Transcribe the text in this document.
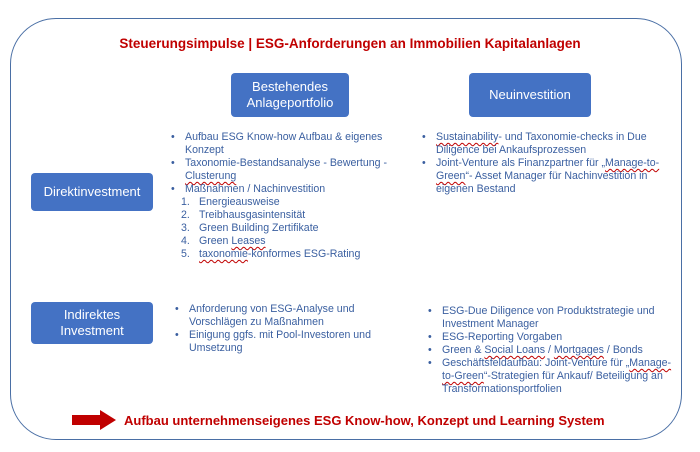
Steuerungsimpulse | ESG-Anforderungen an Immobilien Kapitalanlagen
Bestehendes Anlageportfolio
Neuinvestition
Direktinvestment
Indirektes Investment
• Aufbau ESG Know-how Aufbau & eigenes Konzept
• Taxonomie-Bestandsanalyse - Bewertung - Clusterung
• Maßnahmen / Nachinvestition
1. Energieausweise
2. Treibhausgasintensität
3. Green Building Zertifikate
4. Green Leases
5. taxonomie-konformes ESG-Rating
• Sustainability- und Taxonomie-checks in Due Diligence bei Ankaufsprozessen
• Joint-Venture als Finanzpartner für „Manage-to-Green“- Asset Manager für Nachinvestition in eigenen Bestand
• Anforderung von ESG-Analyse und Vorschlägen zu Maßnahmen
• Einigung ggfs. mit Pool-Investoren und Umsetzung
• ESG-Due Diligence von Produktstrategie und Investment Manager
• ESG-Reporting Vorgaben
• Green & Social Loans / Mortgages / Bonds
• Geschäftsfeldaufbau: Joint-Venture für „Manage-to-Green“-Strategien für Ankauf/ Beteiligung an Transformationsportfolien
Aufbau unternehmenseigenes ESG Know-how, Konzept und Learning System
